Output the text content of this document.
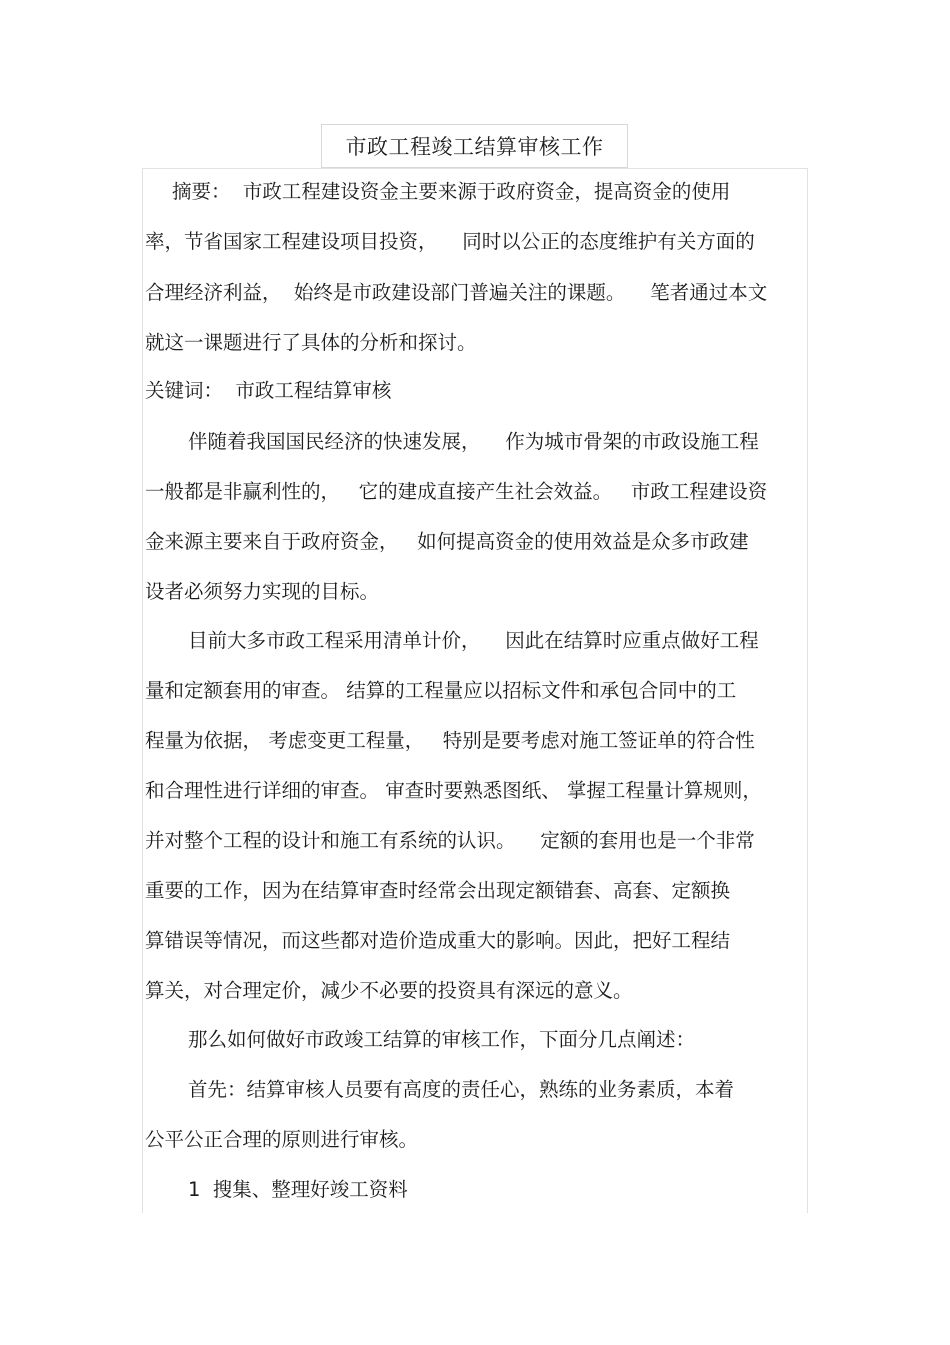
市政工程竣工结算审核工作
摘要：  市政工程建设资金主要来源于政府资金，提高资金的使用
率，节省国家工程建设项目投资，    同时以公正的态度维护有关方面的
合理经济利益，  始终是市政建设部门普遍关注的课题。    笔者通过本文
就这一课题进行了具体的分析和探讨。
关键词：  市政工程结算审核
伴随着我国国民经济的快速发展，    作为城市骨架的市政设施工程
一般都是非赢利性的，   它的建成直接产生社会效益。   市政工程建设资
金来源主要来自于政府资金，   如何提高资金的使用效益是众多市政建
设者必须努力实现的目标。
目前大多市政工程采用清单计价，    因此在结算时应重点做好工程
量和定额套用的审查。 结算的工程量应以招标文件和承包合同中的工
程量为依据， 考虑变更工程量，   特别是要考虑对施工签证单的符合性
和合理性进行详细的审查。 审查时要熟悉图纸、 掌握工程量计算规则，
并对整个工程的设计和施工有系统的认识。    定额的套用也是一个非常
重要的工作，因为在结算审查时经常会出现定额错套、高套、定额换
算错误等情况，而这些都对造价造成重大的影响。因此，把好工程结
算关，对合理定价，减少不必要的投资具有深远的意义。
那么如何做好市政竣工结算的审核工作，下面分几点阐述：
首先：结算审核人员要有高度的责任心，熟练的业务素质，本着
公平公正合理的原则进行审核。
1  搜集、整理好竣工资料
